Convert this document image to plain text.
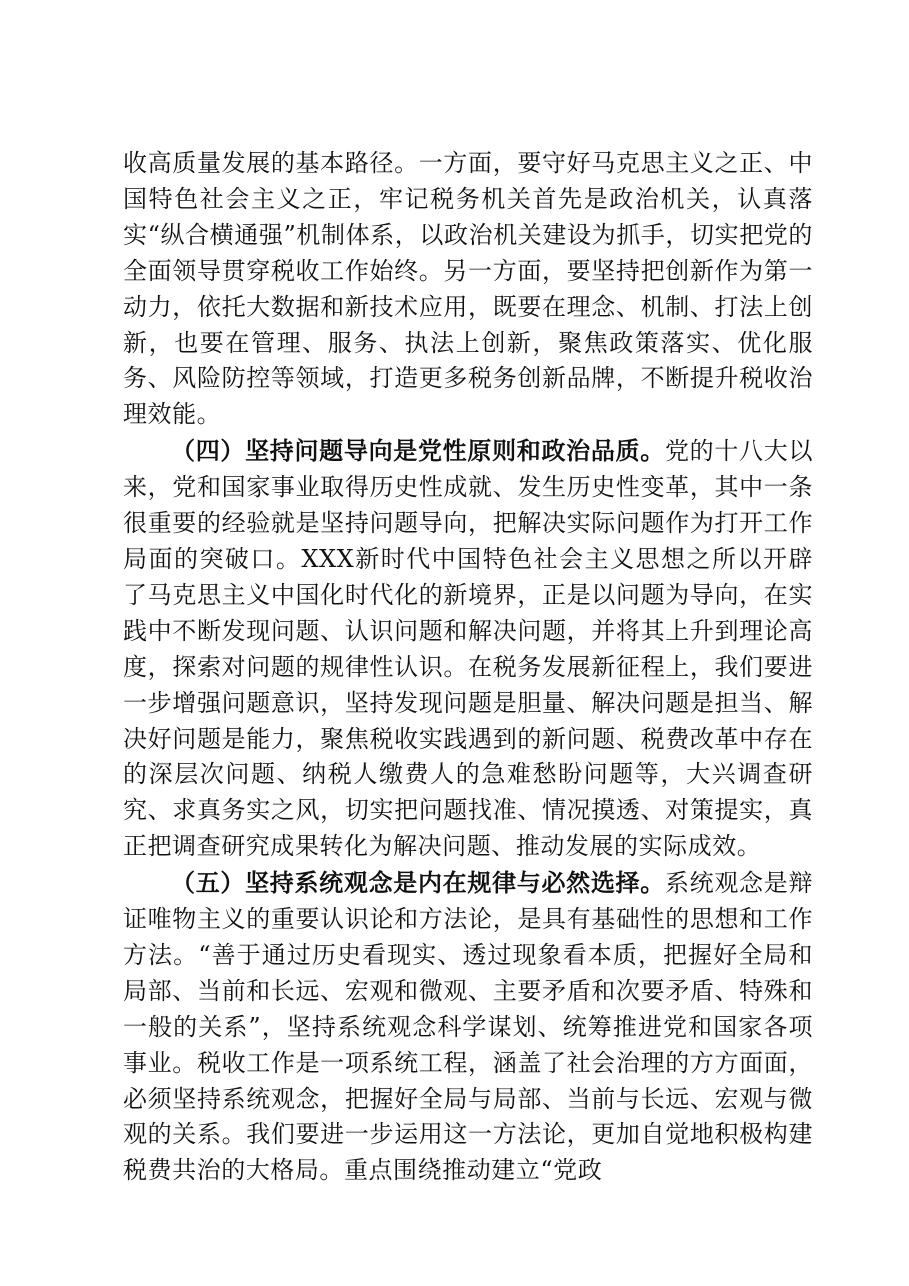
收高质量发展的基本路径。一方面，要守好马克思主义之正、中国特色社会主义之正，牢记税务机关首先是政治机关，认真落实“纵合横通强”机制体系，以政治机关建设为抓手，切实把党的全面领导贯穿税收工作始终。另一方面，要坚持把创新作为第一动力，依托大数据和新技术应用，既要在理念、机制、打法上创新，也要在管理、服务、执法上创新，聚焦政策落实、优化服务、风险防控等领域，打造更多税务创新品牌，不断提升税收治理效能。

（四）坚持问题导向是党性原则和政治品质。党的十八大以来，党和国家事业取得历史性成就、发生历史性变革，其中一条很重要的经验就是坚持问题导向，把解决实际问题作为打开工作局面的突破口。XXX新时代中国特色社会主义思想之所以开辟了马克思主义中国化时代化的新境界，正是以问题为导向，在实践中不断发现问题、认识问题和解决问题，并将其上升到理论高度，探索对问题的规律性认识。在税务发展新征程上，我们要进一步增强问题意识，坚持发现问题是胆量、解决问题是担当、解决好问题是能力，聚焦税收实践遇到的新问题、税费改革中存在的深层次问题、纳税人缴费人的急难愁盼问题等，大兴调查研究、求真务实之风，切实把问题找准、情况摸透、对策提实，真正把调查研究成果转化为解决问题、推动发展的实际成效。

（五）坚持系统观念是内在规律与必然选择。系统观念是辩证唯物主义的重要认识论和方法论，是具有基础性的思想和工作方法。“善于通过历史看现实、透过现象看本质，把握好全局和局部、当前和长远、宏观和微观、主要矛盾和次要矛盾、特殊和一般的关系”，坚持系统观念科学谋划、统筹推进党和国家各项事业。税收工作是一项系统工程，涵盖了社会治理的方方面面，必须坚持系统观念，把握好全局与局部、当前与长远、宏观与微观的关系。我们要进一步运用这一方法论，更加自觉地积极构建税费共治的大格局。重点围绕推动建立“党政
